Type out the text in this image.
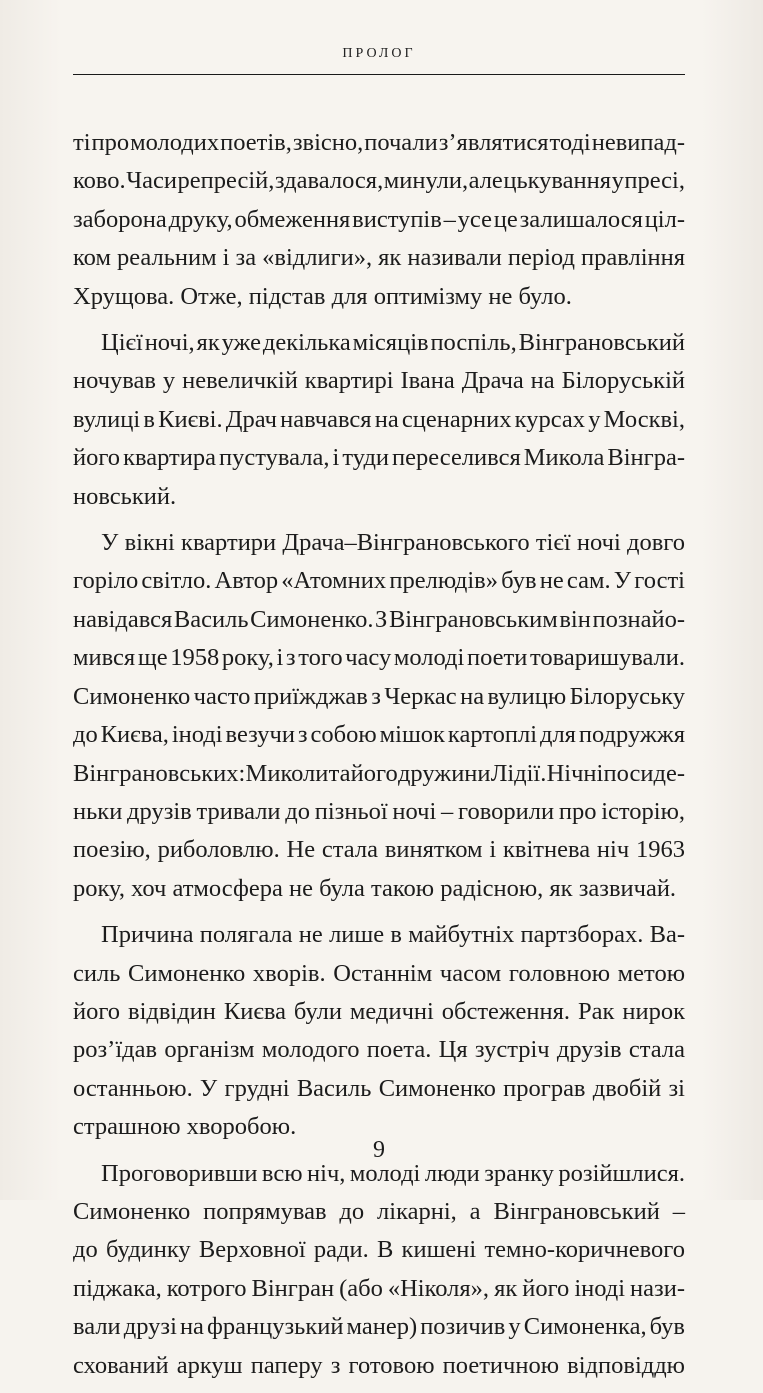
ПРОЛОГ

ті про молодих поетів, звісно, почали з’являтися тоді невипад-
ково. Часи репресій, здавалося, минули, але цькування у пресі,
заборона друку, обмеження виступів – усе це залишалося ціл-
ком реальним і за «відлиги», як називали період правління
Хрущова. Отже, підстав для оптимізму не було.

Цієї ночі, як уже декілька місяців поспіль, Вінграновський
ночував у невеличкій квартирі Івана Драча на Білоруській
вулиці в Києві. Драч навчався на сценарних курсах у Москві,
його квартира пустувала, і туди переселився Микола Вінгра-
новський.

У вікні квартири Драча–Вінграновського тієї ночі довго
горіло світло. Автор «Атомних прелюдів» був не сам. У гості
навідався Василь Симоненко. З Вінграновським він познайо-
мився ще 1958 року, і з того часу молоді поети товаришували.
Симоненко часто приїжджав з Черкас на вулицю Білоруську
до Києва, іноді везучи з собою мішок картоплі для подружжя
Вінграновських: Миколи та його дружини Лідії. Нічні посиде-
ньки друзів тривали до пізньої ночі – говорили про історію,
поезію, риболовлю. Не стала винятком і квітнева ніч 1963
року, хоч атмосфера не була такою радісною, як зазвичай.

Причина полягала не лише в майбутніх партзборах. Ва-
силь Симоненко хворів. Останнім часом головною метою
його відвідин Києва були медичні обстеження. Рак нирок
роз’їдав організм молодого поета. Ця зустріч друзів стала
останньою. У грудні Василь Симоненко програв двобій зі
страшною хворобою.

Проговоривши всю ніч, молоді люди зранку розійшлися.
Симоненко попрямував до лікарні, а Вінграновський –
до будинку Верховної ради. В кишені темно-коричневого
піджака, котрого Вінгран (або «Ніколя», як його іноді нази-
вали друзі на французький манер) позичив у Симоненка, був
схований аркуш паперу з готовою поетичною відповіддю

9
